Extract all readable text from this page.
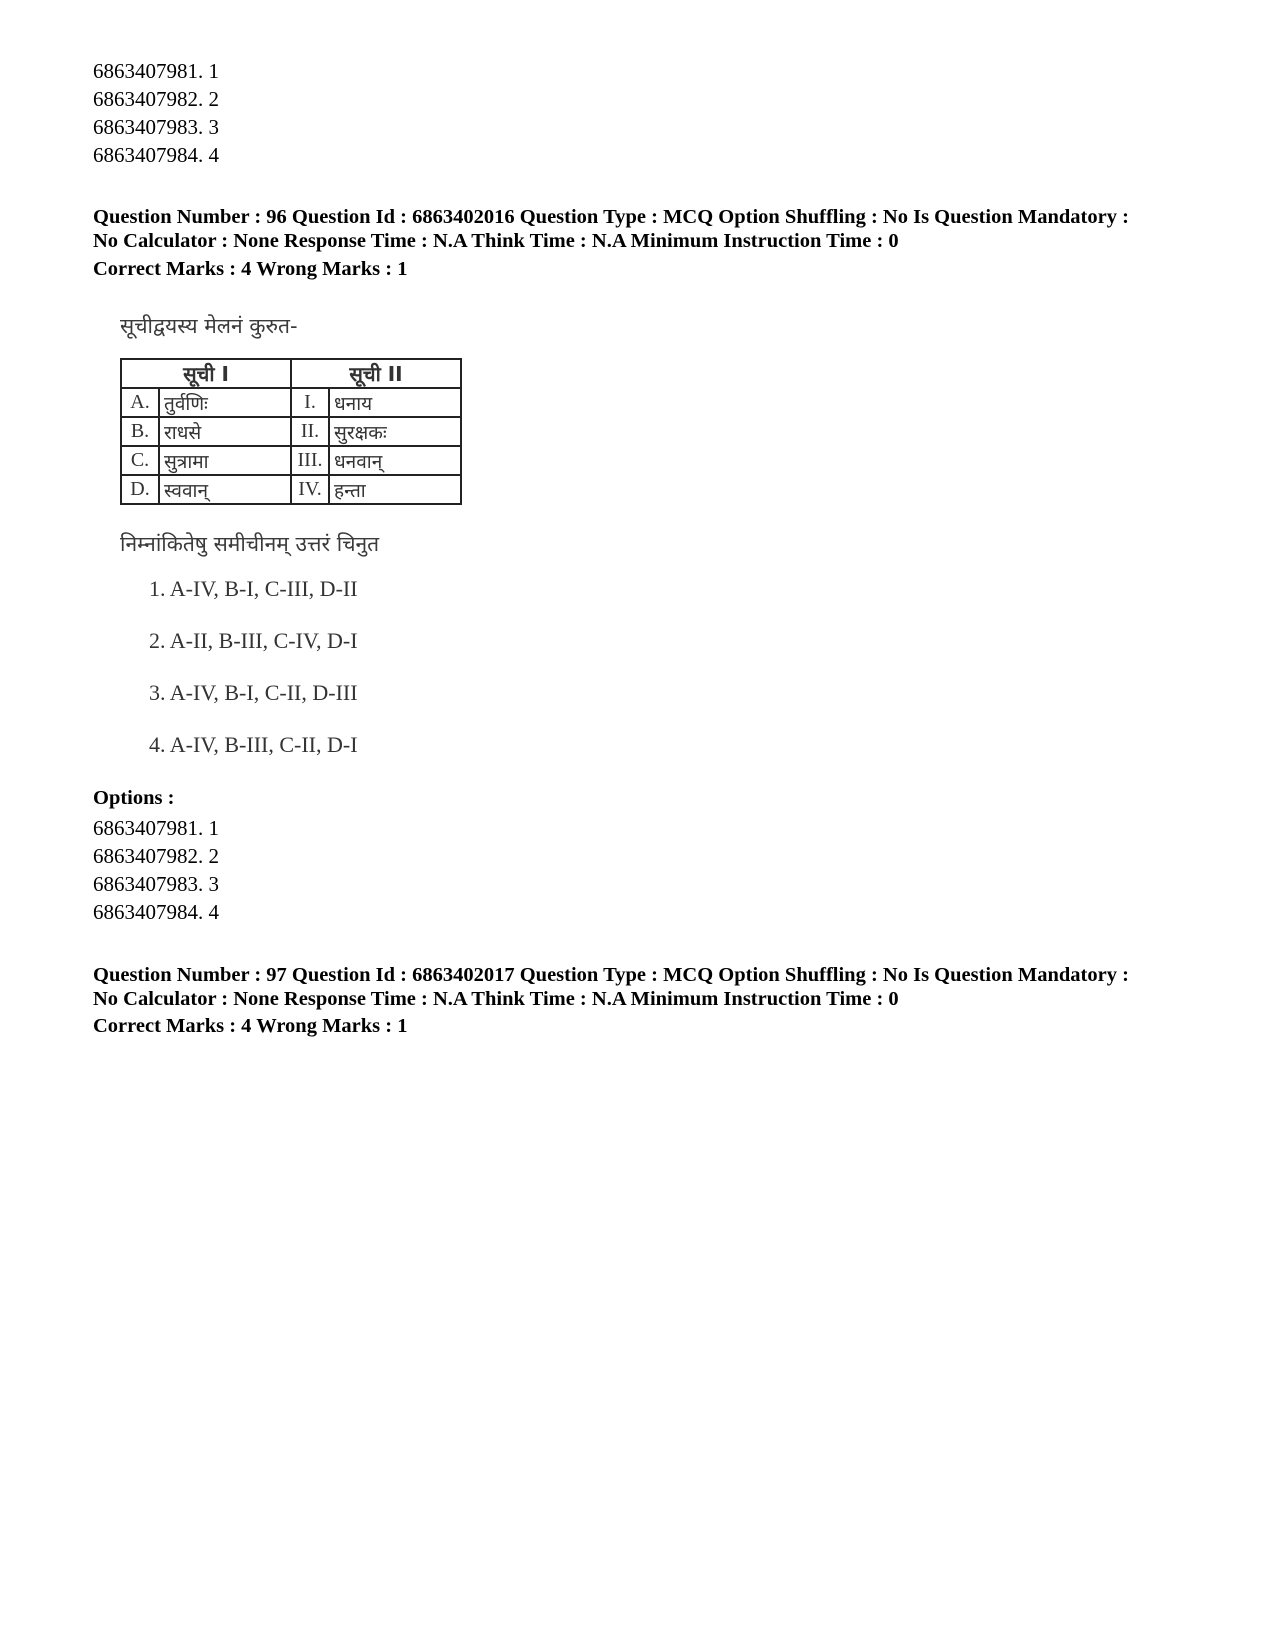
6863407981. 1
6863407982. 2
6863407983. 3
6863407984. 4
Question Number : 96 Question Id : 6863402016 Question Type : MCQ Option Shuffling : No Is Question Mandatory :
No Calculator : None Response Time : N.A Think Time : N.A Minimum Instruction Time : 0
Correct Marks : 4 Wrong Marks : 1
सूचीद्वयस्य मेलनं कुरुत-
सूची I		सूची II	
A.	तुर्वणिः	I.	धनाय
B.	राधसे	II.	सुरक्षकः
C.	सुत्रामा	III.	धनवान्
D.	स्ववान्	IV.	हन्ता
निम्नांकितेषु समीचीनम् उत्तरं चिनुत
1. A-IV, B-I, C-III, D-II
2. A-II, B-III, C-IV, D-I
3. A-IV, B-I, C-II, D-III
4. A-IV, B-III, C-II, D-I
Options :
6863407981. 1
6863407982. 2
6863407983. 3
6863407984. 4
Question Number : 97 Question Id : 6863402017 Question Type : MCQ Option Shuffling : No Is Question Mandatory :
No Calculator : None Response Time : N.A Think Time : N.A Minimum Instruction Time : 0
Correct Marks : 4 Wrong Marks : 1
